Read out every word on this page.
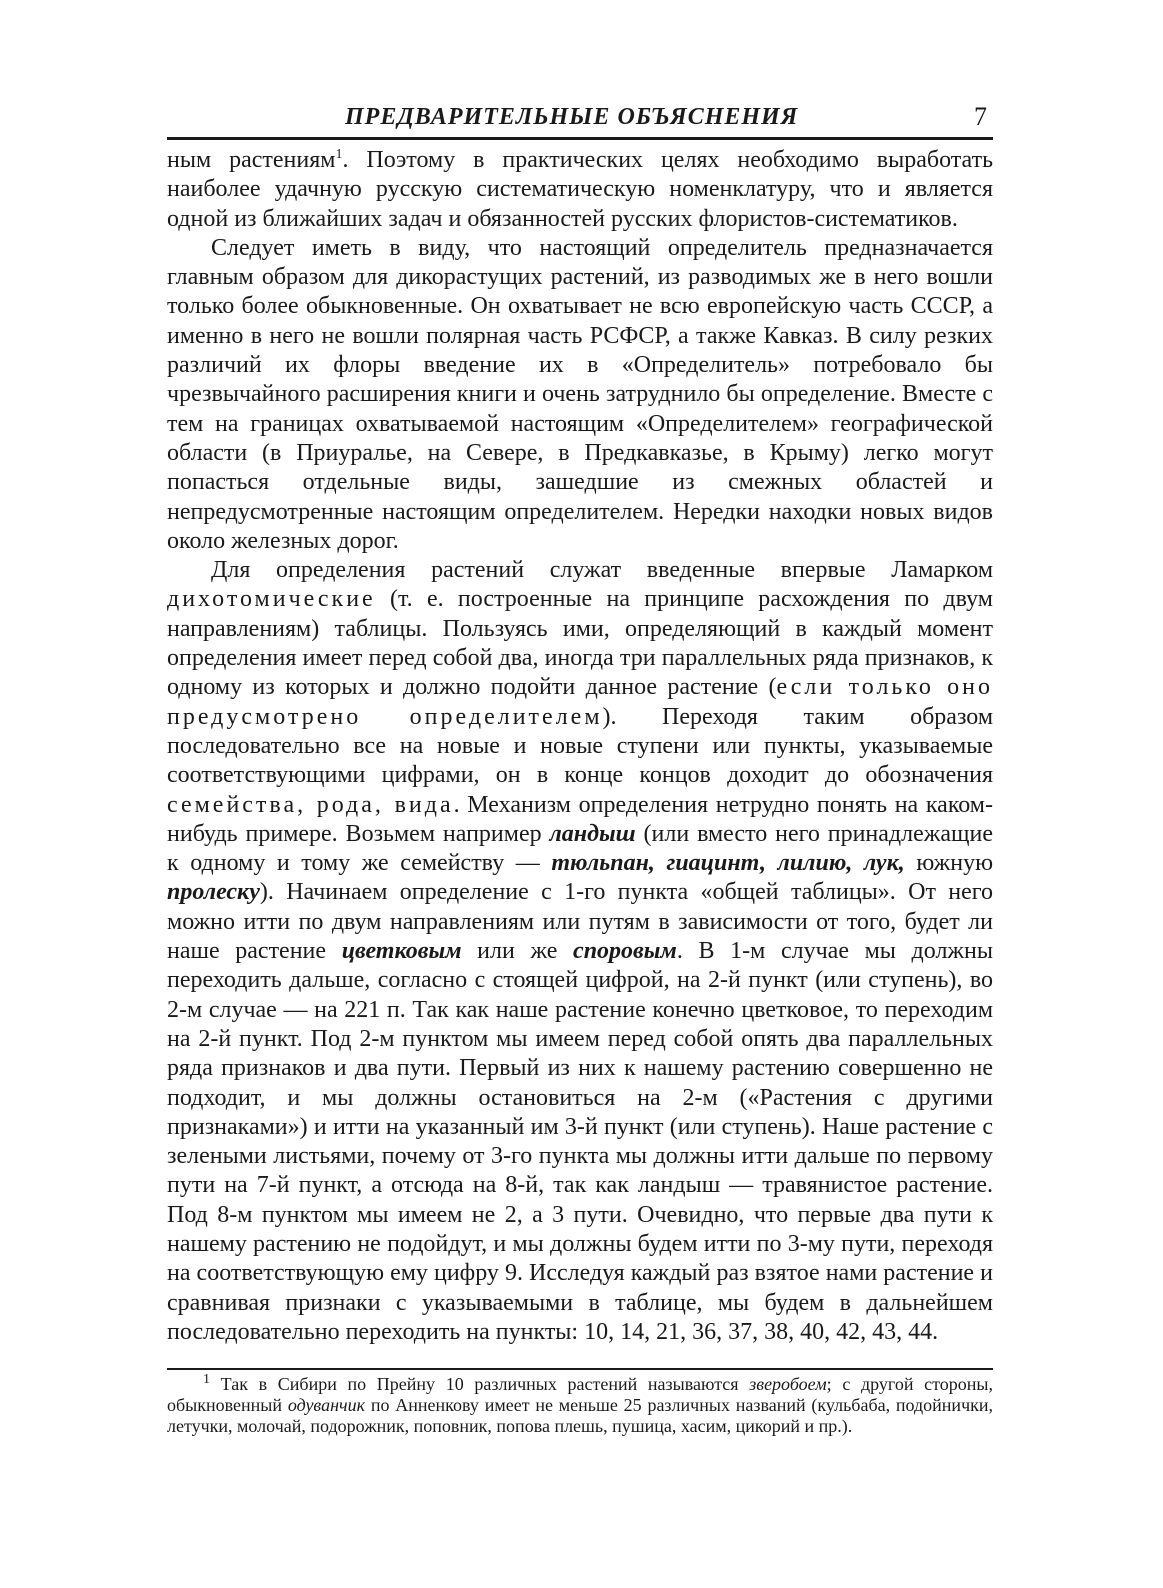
ПРЕДВАРИТЕЛЬНЫЕ ОБЪЯСНЕНИЯ	7

ным растениям$^1$. Поэтому в практических целях необходимо выработать наиболее удачную русскую систематическую номенклатуру, что и является одной из ближайших задач и обязанностей русских флористов-систематиков.

Следует иметь в виду, что настоящий определитель предназначается главным образом для дикорастущих растений, из разводимых же в него вошли только более обыкновенные. Он охватывает не всю европейскую часть СССР, а именно в него не вошли полярная часть РСФСР, а также Кавказ. В силу резких различий их флоры введение их в «Определитель» потребовало бы чрезвычайного расширения книги и очень затруднило бы определение. Вместе с тем на границах охватываемой настоящим «Определителем» географической области (в Приуралье, на Севере, в Предкавказье, в Крыму) легко могут попасться отдельные виды, зашедшие из смежных областей и непредусмотренные настоящим определителем. Нередки находки новых видов около железных дорог.

Для определения растений служат введенные впервые Ламарком дихотомические (т. е. построенные на принципе расхождения по двум направлениям) таблицы. Пользуясь ими, определяющий в каждый момент определения имеет перед собой два, иногда три параллельных ряда признаков, к одному из которых и должно подойти данное растение (если только оно предусмотрено определителем). Переходя таким образом последовательно все на новые и новые ступени или пункты, указываемые соответствующими цифрами, он в конце концов доходит до обозначения семейства, рода, вида. Механизм определения нетрудно понять на каком-нибудь примере. Возьмем например ландыш (или вместо него принадлежащие к одному и тому же семейству — тюльпан, гиацинт, лилию, лук, южную пролеску). Начинаем определение с 1-го пункта «общей таблицы». От него можно итти по двум направлениям или путям в зависимости от того, будет ли наше растение цветковым или же споровым. В 1-м случае мы должны переходить дальше, согласно с стоящей цифрой, на 2-й пункт (или ступень), во 2-м случае — на 221 п. Так как наше растение конечно цветковое, то переходим на 2-й пункт. Под 2-м пунктом мы имеем перед собой опять два параллельных ряда признаков и два пути. Первый из них к нашему растению совершенно не подходит, и мы должны остановиться на 2-м («Растения с другими признаками») и итти на указанный им 3-й пункт (или ступень). Наше растение с зелеными листьями, почему от 3-го пункта мы должны итти дальше по первому пути на 7-й пункт, а отсюда на 8-й, так как ландыш — травянистое растение. Под 8-м пунктом мы имеем не 2, а 3 пути. Очевидно, что первые два пути к нашему растению не подойдут, и мы должны будем итти по 3-му пути, переходя на соответствующую ему цифру 9. Исследуя каждый раз взятое нами растение и сравнивая признаки с указываемыми в таблице, мы будем в дальнейшем последовательно переходить на пункты: 10, 14, 21, 36, 37, 38, 40, 42, 43, 44.

$^1$ Так в Сибири по Прейну 10 различных растений называются зверобоем; с другой стороны, обыкновенный одуванчик по Анненкову имеет не меньше 25 различных названий (кульбаба, подойнички, летучки, молочай, подорожник, поповник, попова плешь, пушица, хасим, цикорий и пр.).
